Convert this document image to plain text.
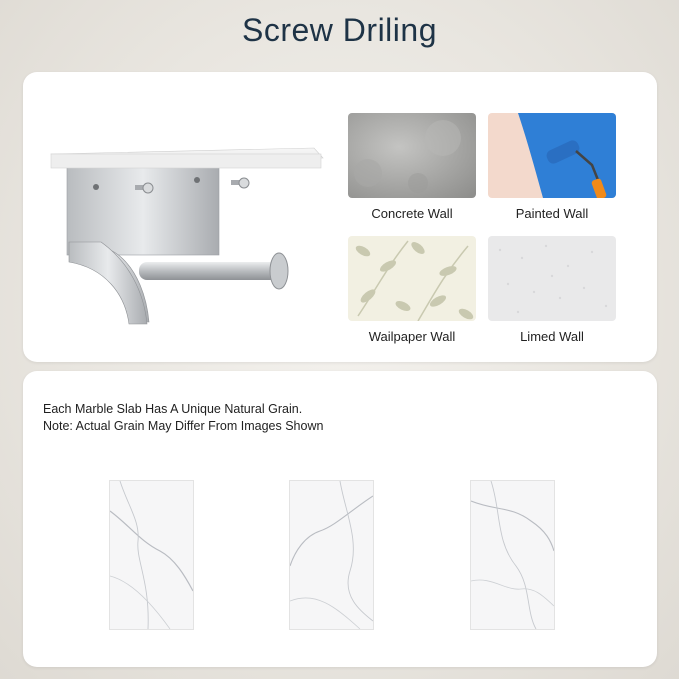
Screw Driling
Concrete Wall	Painted Wall
Wailpaper Wall	Limed Wall
Each Marble Slab Has A Unique Natural Grain.
Note: Actual Grain May Differ From Images Shown
